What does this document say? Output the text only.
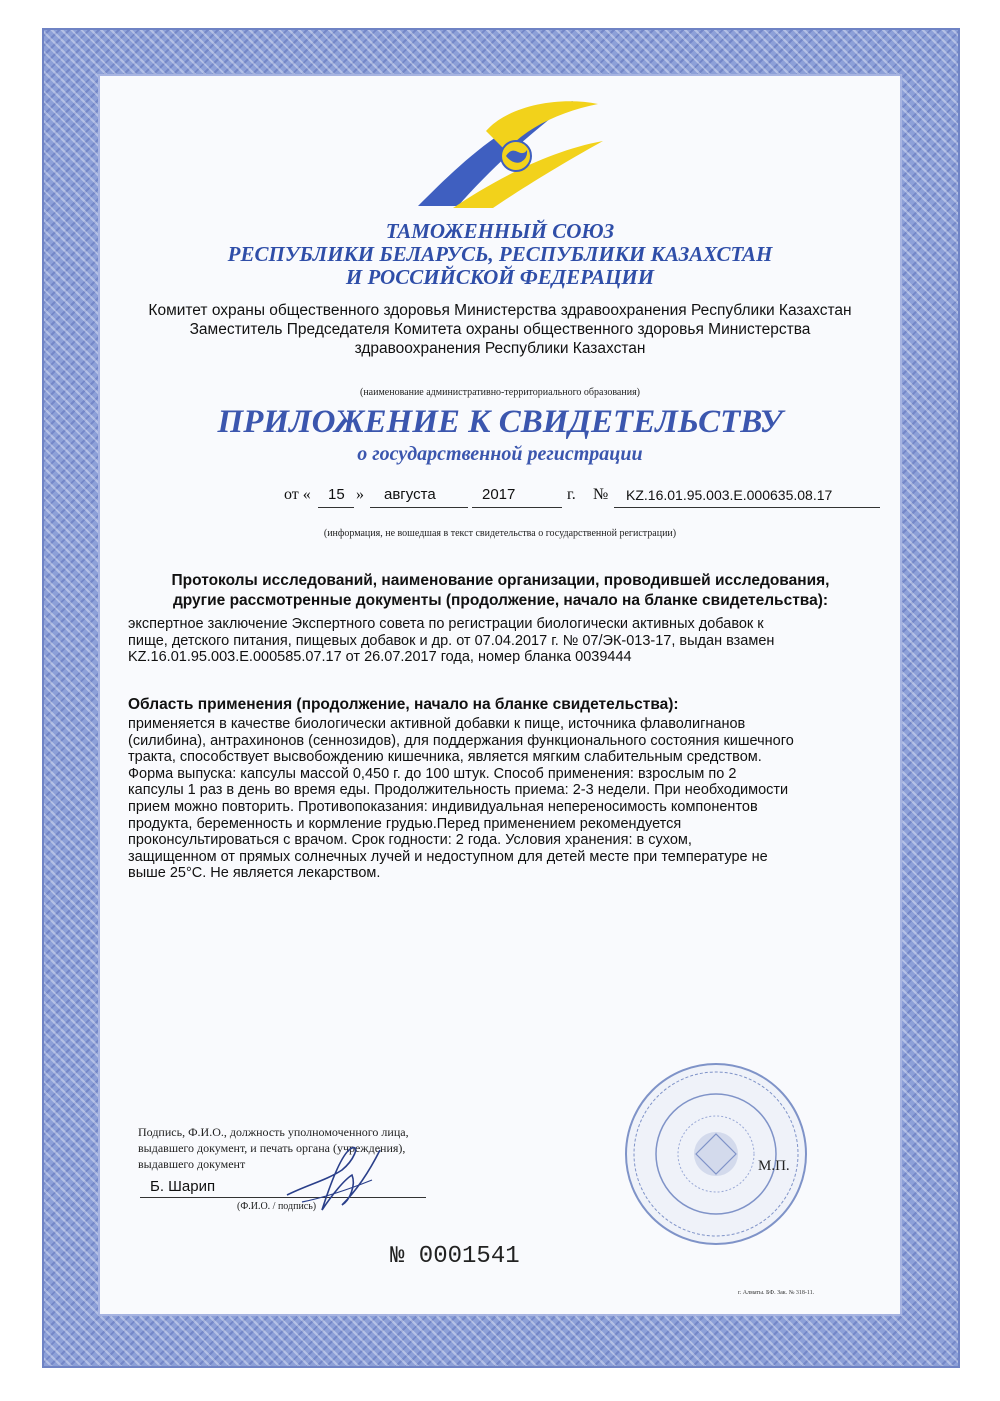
ТАМОЖЕННЫЙ СОЮЗ
РЕСПУБЛИКИ БЕЛАРУСЬ, РЕСПУБЛИКИ КАЗАХСТАН
И РОССИЙСКОЙ ФЕДЕРАЦИИ
Комитет охраны общественного здоровья Министерства здравоохранения Республики Казахстан
Заместитель Председателя Комитета охраны общественного здоровья Министерства
здравоохранения Республики Казахстан
(наименование административно-территориального образования)
ПРИЛОЖЕНИЕ К СВИДЕТЕЛЬСТВУ
о государственной регистрации
от « 15 » августа	2017	г. № KZ.16.01.95.003.E.000635.08.17
(информация, не вошедшая в текст свидетельства о государственной регистрации)
Протоколы исследований, наименование организации, проводившей исследования,
другие рассмотренные документы (продолжение, начало на бланке свидетельства):
экспертное заключение Экспертного совета по регистрации биологически активных добавок к
пище, детского питания, пищевых добавок и др. от 07.04.2017 г. № 07/ЭК-013-17, выдан взамен
KZ.16.01.95.003.E.000585.07.17 от 26.07.2017 года, номер бланка 0039444
Область применения (продолжение, начало на бланке свидетельства):
применяется в качестве биологически активной добавки к пище, источника флаволигнанов
(силибина), антрахинонов (сеннозидов), для поддержания функционального состояния кишечного
тракта, способствует высвобождению кишечника, является мягким слабительным средством.
Форма выпуска: капсулы массой 0,450 г. до 100 штук. Способ применения: взрослым по 2
капсулы 1 раз в день во время еды. Продолжительность приема: 2-3 недели. При необходимости
прием можно повторить. Противопоказания: индивидуальная непереносимость компонентов
продукта, беременность и кормление грудью.Перед применением рекомендуется
проконсультироваться с врачом. Срок годности: 2 года. Условия хранения: в сухом,
защищенном от прямых солнечных лучей и недоступном для детей месте при температуре не
выше 25°С. Не является лекарством.
Подпись, Ф.И.О., должность уполномоченного лица,
выдавшего документ, и печать органа (учреждения),
выдавшего документ
Б. Шарип
(Ф.И.О. / подпись)
М.П.
№ 0001541
г. Алматы. БФ. Зак. № 318-11.
